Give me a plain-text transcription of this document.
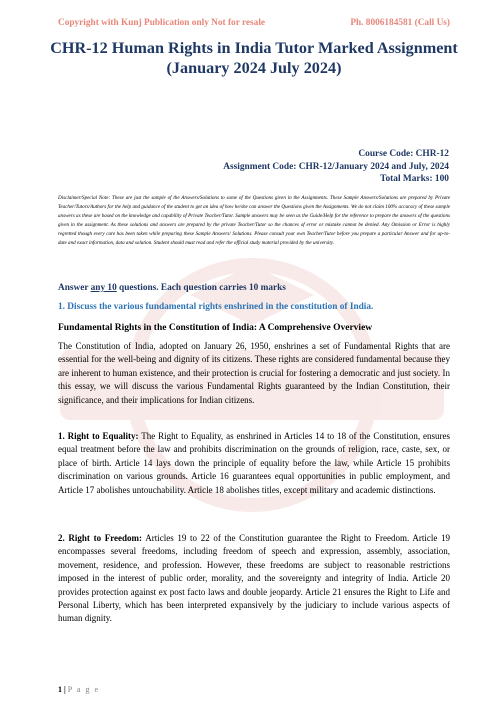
Copyright with Kunj Publication only Not for resale	Ph. 8006184581 (Call Us)
CHR-12 Human Rights in India Tutor Marked Assignment (January 2024 July 2024)
Course Code: CHR-12
Assignment Code: CHR-12/January 2024 and July, 2024
Total Marks: 100
Disclaimer/Special Note: These are just the sample of the Answers/Solutions to some of the Questions given in the Assignments. These Sample Answers/Solutions are prepared by Private Teacher/Tutors/Authors for the help and guidance of the student to get an idea of how he/she can answer the Questions given the Assignments. We do not claim 100% accuracy of these sample answers as these are based on the knowledge and capability of Private Teacher/Tutor. Sample answers may be seen as the Guide/Help for the reference to prepare the answers of the questions given in the assignment. As these solutions and answers are prepared by the private Teacher/Tutor so the chances of error or mistake cannot be denied. Any Omission or Error is highly regretted though every care has been taken while preparing these Sample Answers/ Solutions. Please consult your own Teacher/Tutor before you prepare a particular Answer and for up-to-date and exact information, data and solution. Student should must read and refer the official study material provided by the university.
Answer any 10 questions. Each question carries 10 marks
1. Discuss the various fundamental rights enshrined in the constitution of India.
Fundamental Rights in the Constitution of India: A Comprehensive Overview
The Constitution of India, adopted on January 26, 1950, enshrines a set of Fundamental Rights that are essential for the well-being and dignity of its citizens. These rights are considered fundamental because they are inherent to human existence, and their protection is crucial for fostering a democratic and just society. In this essay, we will discuss the various Fundamental Rights guaranteed by the Indian Constitution, their significance, and their implications for Indian citizens.
1. Right to Equality: The Right to Equality, as enshrined in Articles 14 to 18 of the Constitution, ensures equal treatment before the law and prohibits discrimination on the grounds of religion, race, caste, sex, or place of birth. Article 14 lays down the principle of equality before the law, while Article 15 prohibits discrimination on various grounds. Article 16 guarantees equal opportunities in public employment, and Article 17 abolishes untouchability. Article 18 abolishes titles, except military and academic distinctions.
2. Right to Freedom: Articles 19 to 22 of the Constitution guarantee the Right to Freedom. Article 19 encompasses several freedoms, including freedom of speech and expression, assembly, association, movement, residence, and profession. However, these freedoms are subject to reasonable restrictions imposed in the interest of public order, morality, and the sovereignty and integrity of India. Article 20 provides protection against ex post facto laws and double jeopardy. Article 21 ensures the Right to Life and Personal Liberty, which has been interpreted expansively by the judiciary to include various aspects of human dignity.
1 | P a g e
